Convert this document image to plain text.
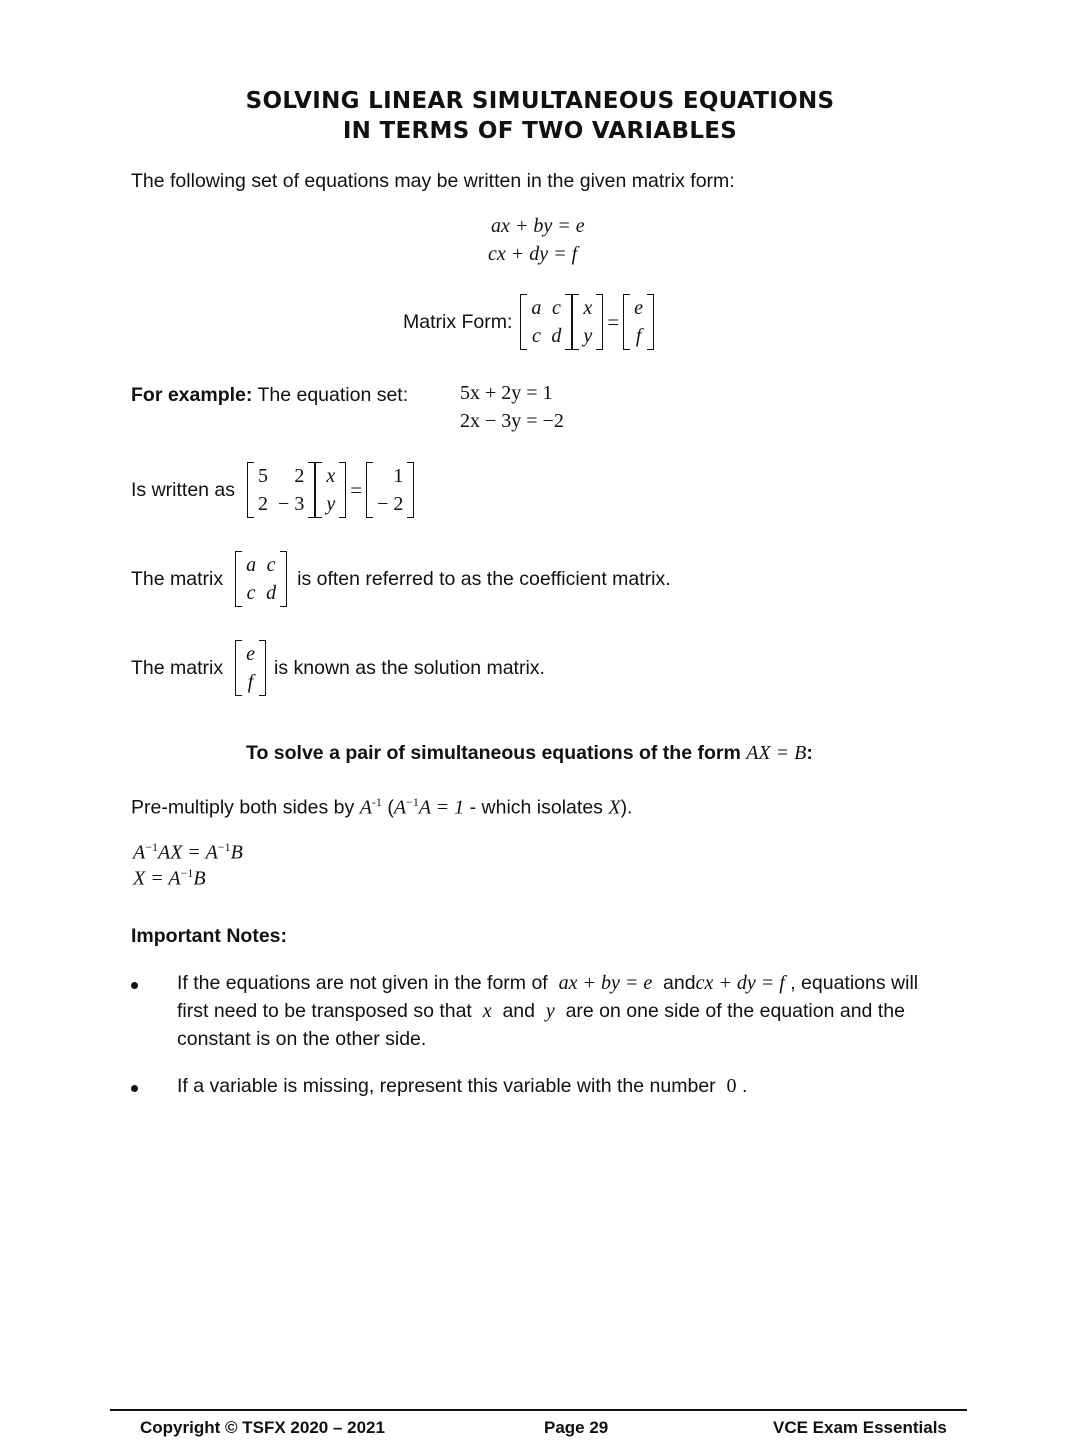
SOLVING LINEAR SIMULTANEOUS EQUATIONS
IN TERMS OF TWO VARIABLES
The following set of equations may be written in the given matrix form:
ax + by = e
cx + dy = f
Matrix Form:
a	c
c	d
x
y
=
e
f
For example: The equation set:	5x + 2y = 1
2x − 3y = −2
Is written as
5	2
2	− 3
x
y
=
1
− 2
The matrix
a	c
c	d
is often referred to as the coefficient matrix.
The matrix
e
f
is known as the solution matrix.
To solve a pair of simultaneous equations of the form AX = B:
Pre-multiply both sides by $A^{-1}$ ($A^{-1}A = 1$ - which isolates X).
$A^{-1}AX = A^{-1}B$
$X = A^{-1}B$
Important Notes:
If the equations are not given in the form of ax + by = e andcx + dy = f , equations will
first need to be transposed so that x and y are on one side of the equation and the
constant is on the other side.
If a variable is missing, represent this variable with the number 0 .
Copyright © TSFX 2020 – 2021	Page 29	VCE Exam Essentials
